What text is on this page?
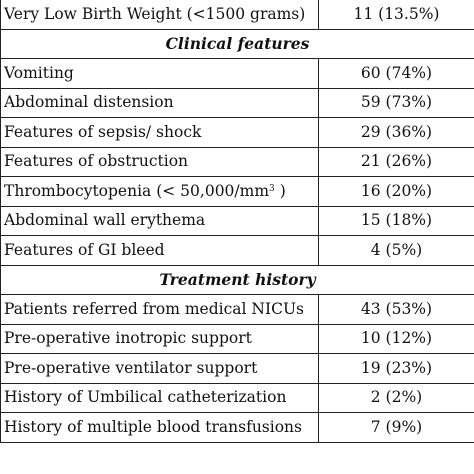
Very Low Birth Weight (<1500 grams)	11 (13.5%)
Clinical features	
Vomiting	60 (74%)
Abdominal distension	59 (73%)
Features of sepsis/ shock	29 (36%)
Features of obstruction	21 (26%)
Thrombocytopenia (< $50,000/mm^3$ )	16 (20%)
Abdominal wall erythema	15 (18%)
Features of GI bleed	4 (5%)
Treatment history	
Patients referred from medical NICUs	43 (53%)
Pre-operative inotropic support	10 (12%)
Pre-operative ventilator support	19 (23%)
History of Umbilical catheterization	2 (2%)
History of multiple blood transfusions	7 (9%)
